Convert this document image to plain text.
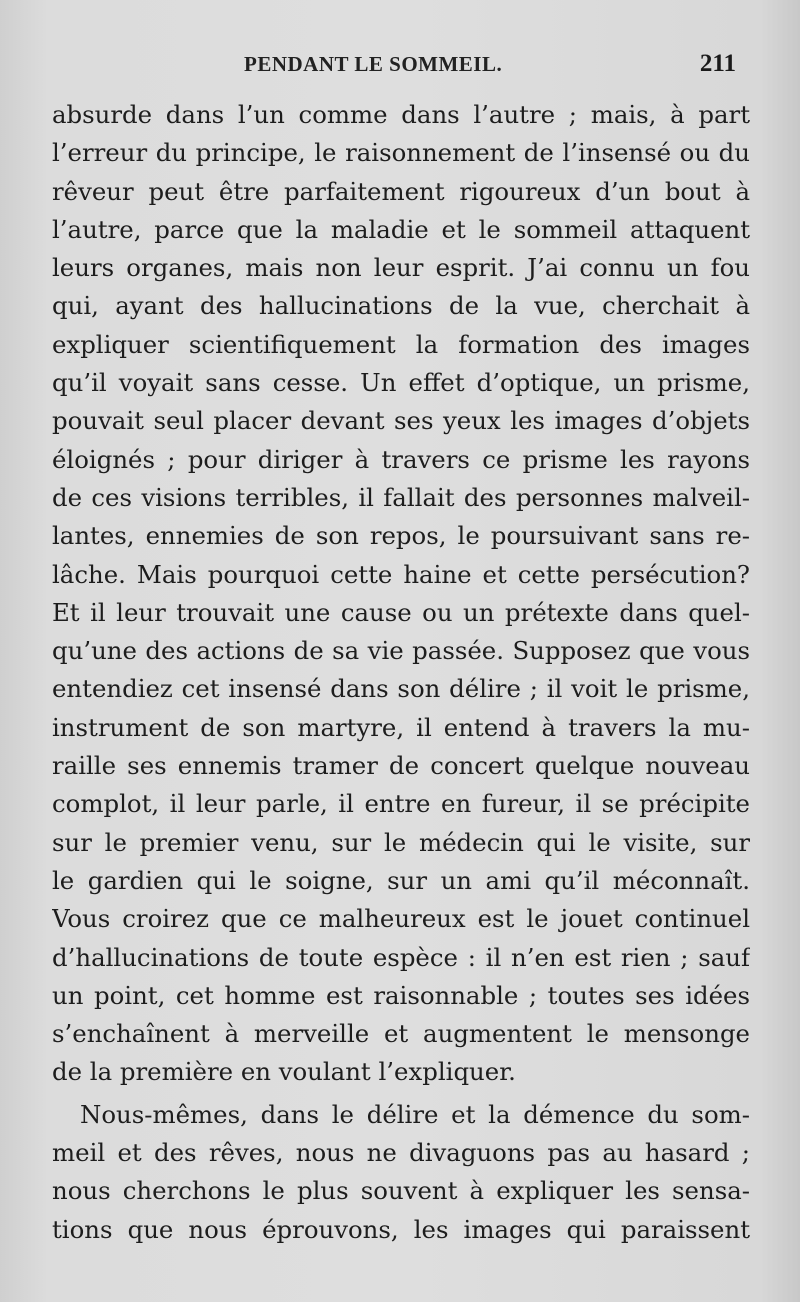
PENDANT LE SOMMEIL.	211

absurde dans l’un comme dans l’autre ; mais, à part
l’erreur du principe, le raisonnement de l’insensé ou du
rêveur peut être parfaitement rigoureux d’un bout à
l’autre, parce que la maladie et le sommeil attaquent
leurs organes, mais non leur esprit. J’ai connu un fou
qui, ayant des hallucinations de la vue, cherchait à
expliquer scientifiquement la formation des images
qu’il voyait sans cesse. Un effet d’optique, un prisme,
pouvait seul placer devant ses yeux les images d’objets
éloignés ; pour diriger à travers ce prisme les rayons
de ces visions terribles, il fallait des personnes malveil-
lantes, ennemies de son repos, le poursuivant sans re-
lâche. Mais pourquoi cette haine et cette persécution?
Et il leur trouvait une cause ou un prétexte dans quel-
qu’une des actions de sa vie passée. Supposez que vous
entendiez cet insensé dans son délire ; il voit le prisme,
instrument de son martyre, il entend à travers la mu-
raille ses ennemis tramer de concert quelque nouveau
complot, il leur parle, il entre en fureur, il se précipite
sur le premier venu, sur le médecin qui le visite, sur
le gardien qui le soigne, sur un ami qu’il méconnaît.
Vous croirez que ce malheureux est le jouet continuel
d’hallucinations de toute espèce : il n’en est rien ; sauf
un point, cet homme est raisonnable ; toutes ses idées
s’enchaînent à merveille et augmentent le mensonge
de la première en voulant l’expliquer.

Nous-mêmes, dans le délire et la démence du som-
meil et des rêves, nous ne divaguons pas au hasard ;
nous cherchons le plus souvent à expliquer les sensa-
tions que nous éprouvons, les images qui paraissent
